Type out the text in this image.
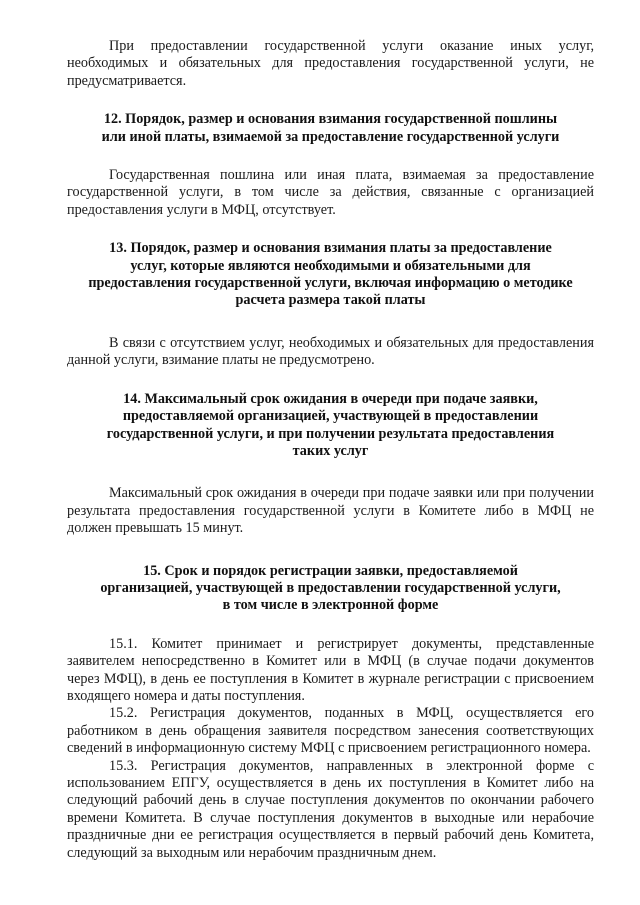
При предоставлении государственной услуги оказание иных услуг, необходимых и обязательных для предоставления государственной услуги, не предусматривается.

12. Порядок, размер и основания взимания государственной пошлины
или иной платы, взимаемой за предоставление государственной услуги

Государственная пошлина или иная плата, взимаемая за предоставление государственной услуги, в том числе за действия, связанные с организацией предоставления услуги в МФЦ, отсутствует.

13. Порядок, размер и основания взимания платы за предоставление
услуг, которые являются необходимыми и обязательными для
предоставления государственной услуги, включая информацию о методике
расчета размера такой платы

В связи с отсутствием услуг, необходимых и обязательных для предоставления данной услуги, взимание платы не предусмотрено.

14. Максимальный срок ожидания в очереди при подаче заявки,
предоставляемой организацией, участвующей в предоставлении
государственной услуги, и при получении результата предоставления
таких услуг

Максимальный срок ожидания в очереди при подаче заявки или при получении результата предоставления государственной услуги в Комитете либо в МФЦ не должен превышать 15 минут.

15. Срок и порядок регистрации заявки, предоставляемой
организацией, участвующей в предоставлении государственной услуги,
в том числе в электронной форме

15.1. Комитет принимает и регистрирует документы, представленные заявителем непосредственно в Комитет или в МФЦ (в случае подачи документов через МФЦ), в день ее поступления в Комитет в журнале регистрации с присвоением входящего номера и даты поступления.

15.2. Регистрация документов, поданных в МФЦ, осуществляется его работником в день обращения заявителя посредством занесения соответствующих сведений в информационную систему МФЦ с присвоением регистрационного номера.

15.3. Регистрация документов, направленных в электронной форме с использованием ЕПГУ, осуществляется в день их поступления в Комитет либо на следующий рабочий день в случае поступления документов по окончании рабочего времени Комитета. В случае поступления документов в выходные или нерабочие праздничные дни ее регистрация осуществляется в первый рабочий день Комитета, следующий за выходным или нерабочим праздничным днем.
